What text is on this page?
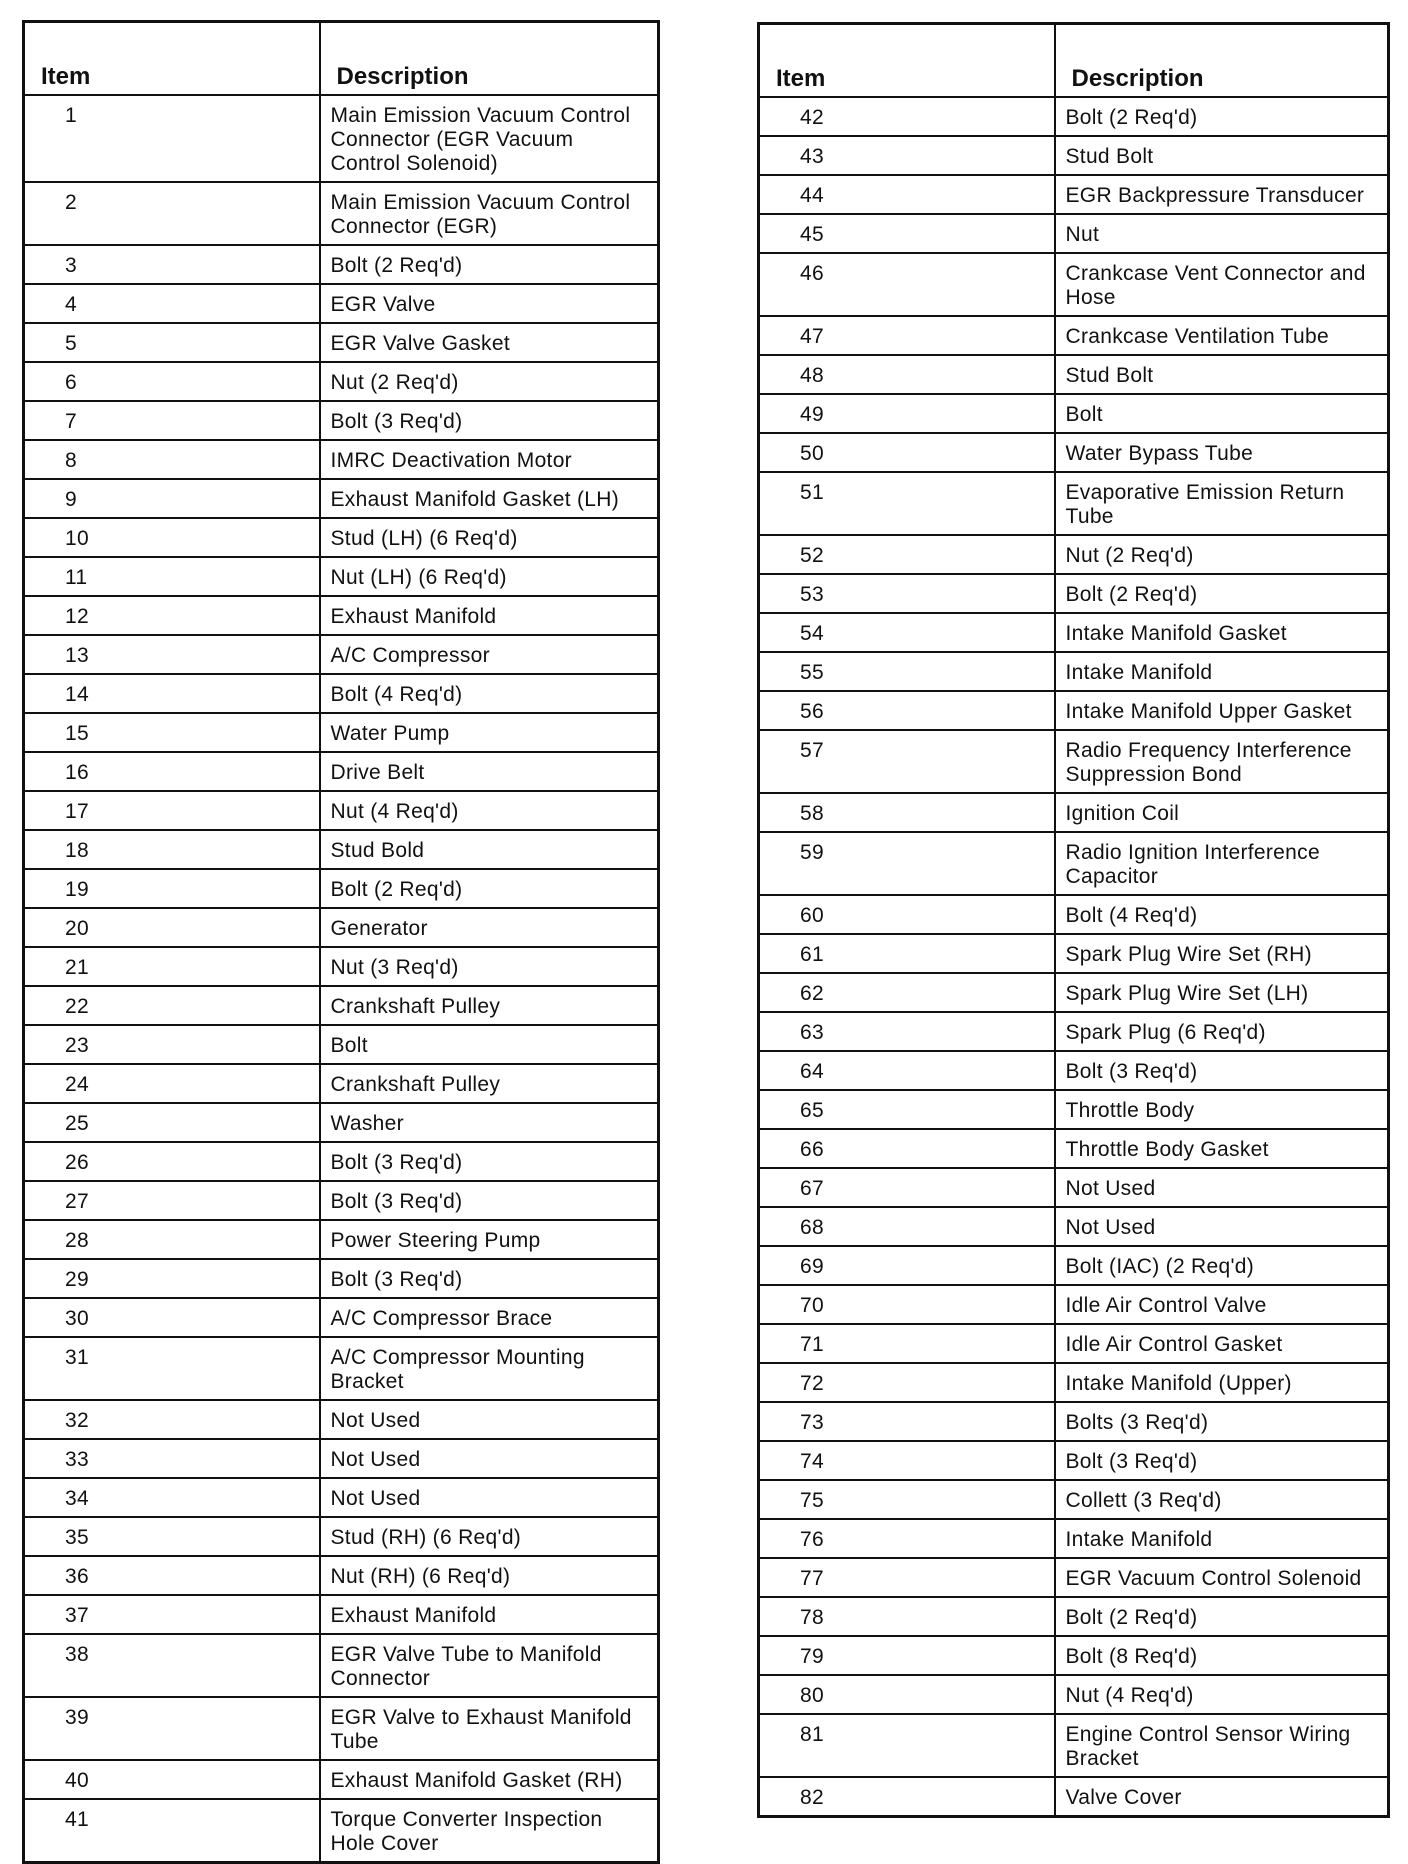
Item	Description
1	Main Emission Vacuum Control Connector (EGR Vacuum Control Solenoid)
2	Main Emission Vacuum Control Connector (EGR)
3	Bolt (2 Req'd)
4	EGR Valve
5	EGR Valve Gasket
6	Nut (2 Req'd)
7	Bolt (3 Req'd)
8	IMRC Deactivation Motor
9	Exhaust Manifold Gasket (LH)
10	Stud (LH) (6 Req'd)
11	Nut (LH) (6 Req'd)
12	Exhaust Manifold
13	A/C Compressor
14	Bolt (4 Req'd)
15	Water Pump
16	Drive Belt
17	Nut (4 Req'd)
18	Stud Bold
19	Bolt (2 Req'd)
20	Generator
21	Nut (3 Req'd)
22	Crankshaft Pulley
23	Bolt
24	Crankshaft Pulley
25	Washer
26	Bolt (3 Req'd)
27	Bolt (3 Req'd)
28	Power Steering Pump
29	Bolt (3 Req'd)
30	A/C Compressor Brace
31	A/C Compressor Mounting Bracket
32	Not Used
33	Not Used
34	Not Used
35	Stud (RH) (6 Req'd)
36	Nut (RH) (6 Req'd)
37	Exhaust Manifold
38	EGR Valve Tube to Manifold Connector
39	EGR Valve to Exhaust Manifold Tube
40	Exhaust Manifold Gasket (RH)
41	Torque Converter Inspection Hole Cover
Item	Description
42	Bolt (2 Req'd)
43	Stud Bolt
44	EGR Backpressure Transducer
45	Nut
46	Crankcase Vent Connector and Hose
47	Crankcase Ventilation Tube
48	Stud Bolt
49	Bolt
50	Water Bypass Tube
51	Evaporative Emission Return Tube
52	Nut (2 Req'd)
53	Bolt (2 Req'd)
54	Intake Manifold Gasket
55	Intake Manifold
56	Intake Manifold Upper Gasket
57	Radio Frequency Interference Suppression Bond
58	Ignition Coil
59	Radio Ignition Interference Capacitor
60	Bolt (4 Req'd)
61	Spark Plug Wire Set (RH)
62	Spark Plug Wire Set (LH)
63	Spark Plug (6 Req'd)
64	Bolt (3 Req'd)
65	Throttle Body
66	Throttle Body Gasket
67	Not Used
68	Not Used
69	Bolt (IAC) (2 Req'd)
70	Idle Air Control Valve
71	Idle Air Control Gasket
72	Intake Manifold (Upper)
73	Bolts (3 Req'd)
74	Bolt (3 Req'd)
75	Collett (3 Req'd)
76	Intake Manifold
77	EGR Vacuum Control Solenoid
78	Bolt (2 Req'd)
79	Bolt (8 Req'd)
80	Nut (4 Req'd)
81	Engine Control Sensor Wiring Bracket
82	Valve Cover
